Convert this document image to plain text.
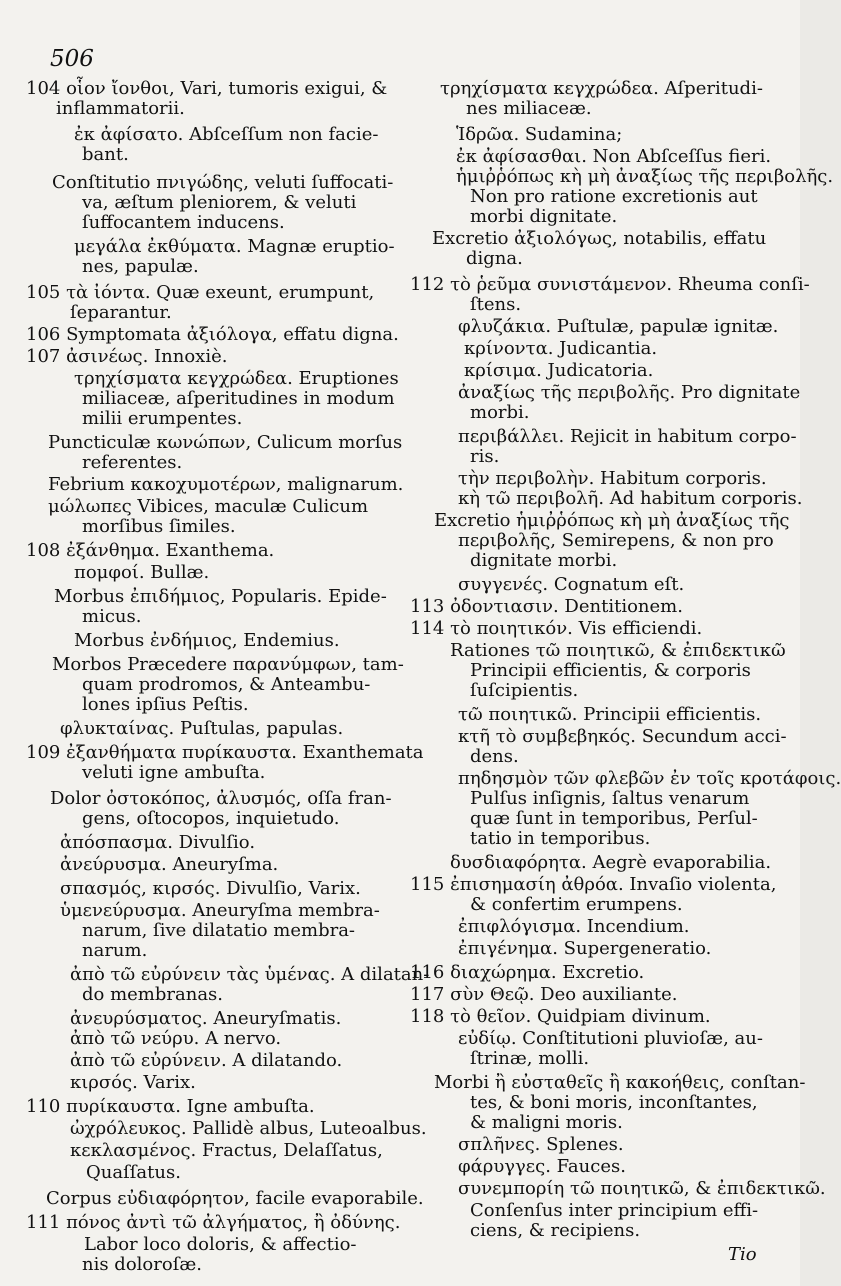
506
104 οἷον ἴονθοι, Vari, tumoris exigui, &
inflammatorii.
ἐκ ἀφίσατο. Abſceſſum non facie-
bant.
Conſtitutio πνιγώδης, veluti ſuffocati-
va, æſtum pleniorem, & veluti
ſuffocantem inducens.
μεγάλα ἐκθύματα. Magnæ eruptio-
nes, papulæ.
105 τὰ ἰόντα. Quæ exeunt, erumpunt,
ſeparantur.
106 Symptomata ἀξιόλογα, effatu digna.
107 ἀσινέως. Innoxiè.
τρηχίσματα κεγχρώδεα. Eruptiones
miliaceæ, aſperitudines in modum
milii erumpentes.
Puncticulæ κωνώπων, Culicum morſus
referentes.
Febrium κακοχυμοτέρων, malignarum.
μώλωπες Vibices, maculæ Culicum
morſibus ſimiles.
108 ἐξάνθημα. Exanthema.
πομφοί. Bullæ.
Morbus ἐπιδήμιος, Popularis. Epide-
micus.
Morbus ἐνδήμιος, Endemius.
Morbos Præcedere παρανύμφων, tam-
quam prodromos, & Anteambu-
lones ipſius Peſtis.
φλυκταίνας. Puſtulas, papulas.
109 ἐξανθήματα πυρίκαυστα. Exanthemata
veluti igne ambuſta.
Dolor ὀστοκόπος, ἀλυσμός, oſſa fran-
gens, oſtocopos, inquietudo.
ἀπόσπασμα. Divulſio.
ἀνεύρυσμα. Aneuryſma.
σπασμός, κιρσός. Divulſio, Varix.
ὑμενεύρυσμα. Aneuryſma membra-
narum, ſive dilatatio membra-
narum.
ἀπὸ τῶ εὐρύνειν τὰς ὑμένας. A dilatan-
do membranas.
ἀνευρύσματος. Aneuryſmatis.
ἀπὸ τῶ νεύρυ. A nervo.
ἀπὸ τῶ εὐρύνειν. A dilatando.
κιρσός. Varix.
110 πυρίκαυστα. Igne ambuſta.
ὠχρόλευκος. Pallidè albus, Luteoalbus.
κεκλασμένος. Fractus, Delaſſatus,
Quaſſatus.
Corpus εὐδιαφόρητον, facile evaporabile.
111 πόνος ἀντὶ τῶ ἀλγήματος, ἢ ὀδύνης.
Labor loco doloris, & affectio-
nis doloroſæ.
τρηχίσματα κεγχρώδεα. Aſperitudi-
nes miliaceæ.
Ἱδρῶα. Sudamina;
ἐκ ἀφίσασθαι. Non Abſceſſus fieri.
ἡμιῤῥόπως κὴ μὴ ἀναξίως τῆς περιβολῆς.
Non pro ratione excretionis aut
morbi dignitate.
Excretio ἀξιολόγως, notabilis, effatu
digna.
112 τὸ ῥεῦμα συνιστάμενον. Rheuma conſi-
ſtens.
φλυζάκια. Puſtulæ, papulæ ignitæ.
κρίνοντα. Judicantia.
κρίσιμα. Judicatoria.
ἀναξίως τῆς περιβολῆς. Pro dignitate
morbi.
περιβάλλει. Rejicit in habitum corpo-
ris.
τὴν περιβολὴν. Habitum corporis.
κὴ τῶ περιβολῆ. Ad habitum corporis.
Excretio ἡμιῤῥόπως κὴ μὴ ἀναξίως τῆς
περιβολῆς, Semirepens, & non pro
dignitate morbi.
συγγενές. Cognatum eſt.
113 ὀδοντιασιν. Dentitionem.
114 τὸ ποιητικόν. Vis efficiendi.
Rationes τῶ ποιητικῶ, & ἐπιδεκτικῶ
Principii efficientis, & corporis
ſuſcipientis.
τῶ ποιητικῶ. Principii efficientis.
κτῆ τὸ συμβεβηκός. Secundum acci-
dens.
πηδησμὸν τῶν φλεβῶν ἐν τοῖς κροτάφοις.
Pulſus inſignis, ſaltus venarum
quæ ſunt in temporibus, Perſul-
tatio in temporibus.
δυσδιαφόρητα. Aegrè evaporabilia.
115 ἐπισημασίη ἀθρόα. Invaſio violenta,
& confertim erumpens.
ἐπιφλόγισμα. Incendium.
ἐπιγένημα. Supergeneratio.
116 διαχώρημα. Excretio.
117 σὺν Θεῷ. Deo auxiliante.
118 τὸ θεῖον. Quidpiam divinum.
εὐδίῳ. Conſtitutioni pluvioſæ, au-
ſtrinæ, molli.
Morbi ἢ εὐσταθεῖς ἢ κακοήθεις, conſtan-
tes, & boni moris, inconſtantes,
& maligni moris.
σπλῆνες. Splenes.
φάρυγγες. Fauces.
συνεμπορίη τῶ ποιητικῶ, & ἐπιδεκτικῶ.
Conſenſus inter principium effi-
ciens, & recipiens.
Tio
